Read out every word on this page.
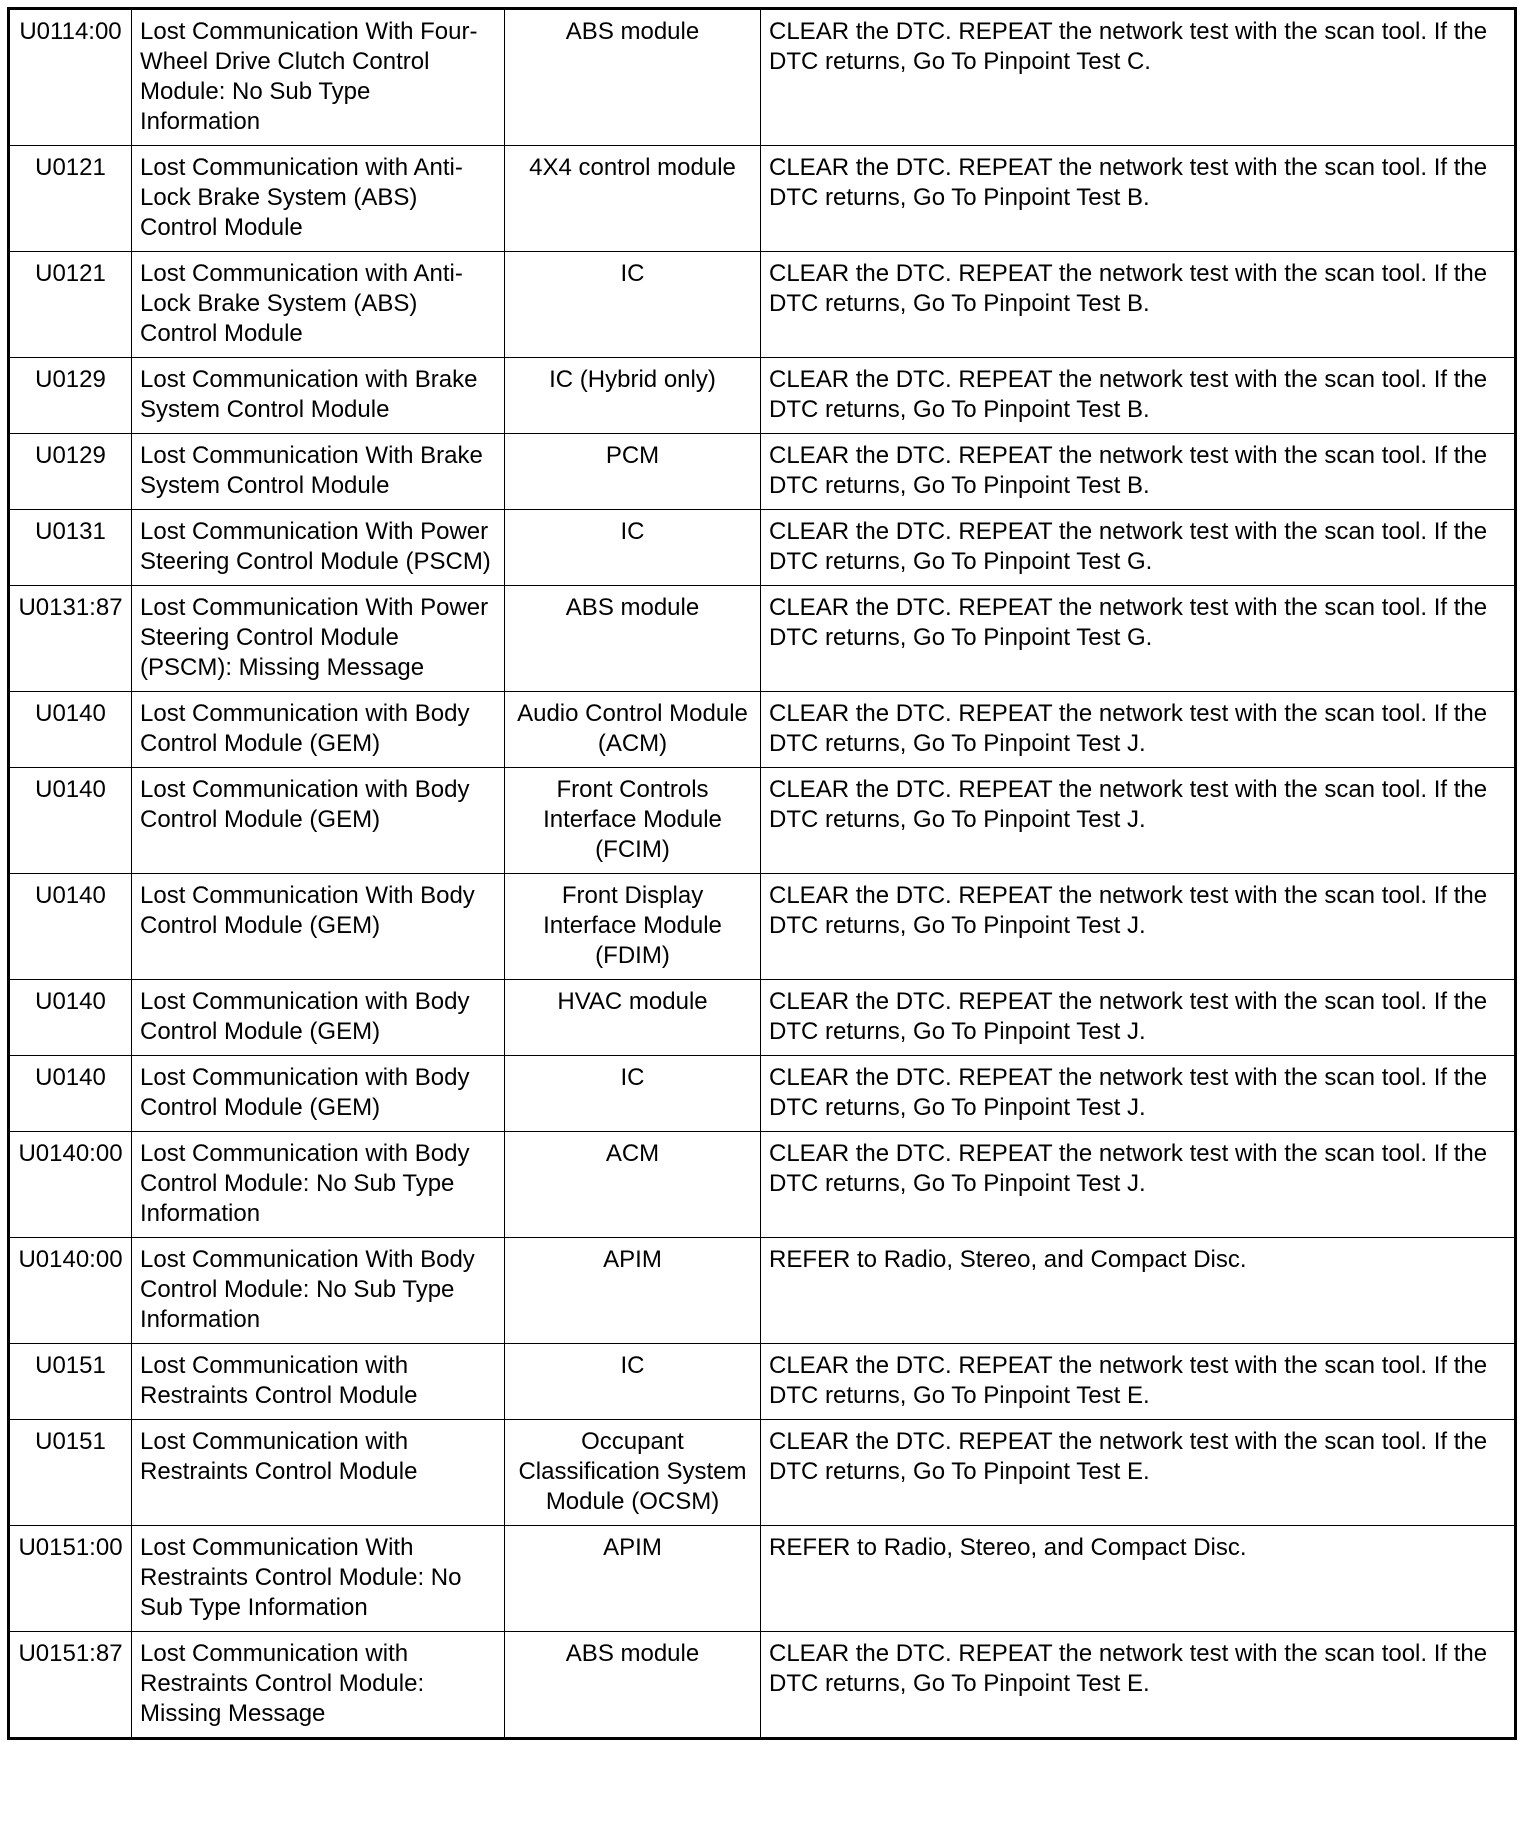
U0114:00	Lost Communication With Four-Wheel Drive Clutch Control Module: No Sub Type Information	ABS module	CLEAR the DTC. REPEAT the network test with the scan tool. If the DTC returns, Go To Pinpoint Test C.
U0121	Lost Communication with Anti-Lock Brake System (ABS) Control Module	4X4 control module	CLEAR the DTC. REPEAT the network test with the scan tool. If the DTC returns, Go To Pinpoint Test B.
U0121	Lost Communication with Anti-Lock Brake System (ABS) Control Module	IC	CLEAR the DTC. REPEAT the network test with the scan tool. If the DTC returns, Go To Pinpoint Test B.
U0129	Lost Communication with Brake System Control Module	IC (Hybrid only)	CLEAR the DTC. REPEAT the network test with the scan tool. If the DTC returns, Go To Pinpoint Test B.
U0129	Lost Communication With Brake System Control Module	PCM	CLEAR the DTC. REPEAT the network test with the scan tool. If the DTC returns, Go To Pinpoint Test B.
U0131	Lost Communication With Power Steering Control Module (PSCM)	IC	CLEAR the DTC. REPEAT the network test with the scan tool. If the DTC returns, Go To Pinpoint Test G.
U0131:87	Lost Communication With Power Steering Control Module (PSCM): Missing Message	ABS module	CLEAR the DTC. REPEAT the network test with the scan tool. If the DTC returns, Go To Pinpoint Test G.
U0140	Lost Communication with Body Control Module (GEM)	Audio Control Module (ACM)	CLEAR the DTC. REPEAT the network test with the scan tool. If the DTC returns, Go To Pinpoint Test J.
U0140	Lost Communication with Body Control Module (GEM)	Front Controls Interface Module (FCIM)	CLEAR the DTC. REPEAT the network test with the scan tool. If the DTC returns, Go To Pinpoint Test J.
U0140	Lost Communication With Body Control Module (GEM)	Front Display Interface Module (FDIM)	CLEAR the DTC. REPEAT the network test with the scan tool. If the DTC returns, Go To Pinpoint Test J.
U0140	Lost Communication with Body Control Module (GEM)	HVAC module	CLEAR the DTC. REPEAT the network test with the scan tool. If the DTC returns, Go To Pinpoint Test J.
U0140	Lost Communication with Body Control Module (GEM)	IC	CLEAR the DTC. REPEAT the network test with the scan tool. If the DTC returns, Go To Pinpoint Test J.
U0140:00	Lost Communication with Body Control Module: No Sub Type Information	ACM	CLEAR the DTC. REPEAT the network test with the scan tool. If the DTC returns, Go To Pinpoint Test J.
U0140:00	Lost Communication With Body Control Module: No Sub Type Information	APIM	REFER to Radio, Stereo, and Compact Disc.
U0151	Lost Communication with Restraints Control Module	IC	CLEAR the DTC. REPEAT the network test with the scan tool. If the DTC returns, Go To Pinpoint Test E.
U0151	Lost Communication with Restraints Control Module	Occupant Classification System Module (OCSM)	CLEAR the DTC. REPEAT the network test with the scan tool. If the DTC returns, Go To Pinpoint Test E.
U0151:00	Lost Communication With Restraints Control Module: No Sub Type Information	APIM	REFER to Radio, Stereo, and Compact Disc.
U0151:87	Lost Communication with Restraints Control Module: Missing Message	ABS module	CLEAR the DTC. REPEAT the network test with the scan tool. If the DTC returns, Go To Pinpoint Test E.
